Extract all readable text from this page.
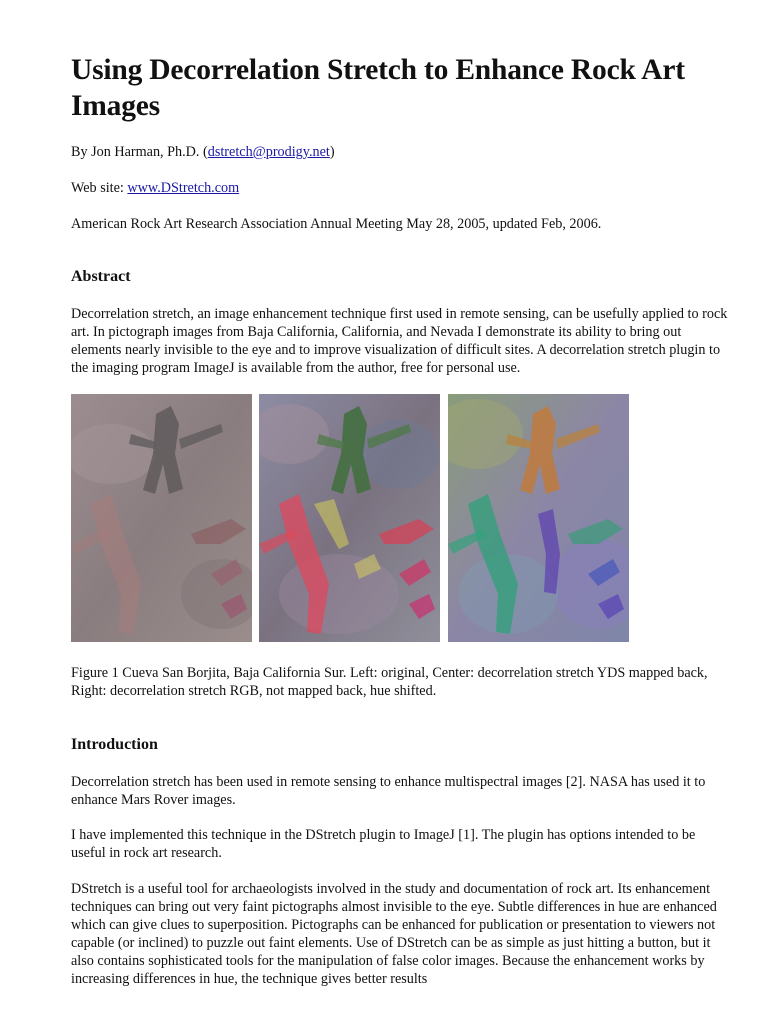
Using Decorrelation Stretch to Enhance Rock Art Images

By Jon Harman, Ph.D. (dstretch@prodigy.net)

Web site: www.DStretch.com

American Rock Art Research Association Annual Meeting May 28, 2005, updated Feb, 2006.

Abstract

Decorrelation stretch, an image enhancement technique first used in remote sensing, can be usefully applied to rock art. In pictograph images from Baja California, California, and Nevada I demonstrate its ability to bring out elements nearly invisible to the eye and to improve visualization of difficult sites. A decorrelation stretch plugin to the imaging program ImageJ is available from the author, free for personal use.

Figure 1 Cueva San Borjita, Baja California Sur. Left: original, Center: decorrelation stretch YDS mapped back, Right: decorrelation stretch RGB, not mapped back, hue shifted.

Introduction

Decorrelation stretch has been used in remote sensing to enhance multispectral images [2]. NASA has used it to enhance Mars Rover images.

I have implemented this technique in the DStretch plugin to ImageJ [1]. The plugin has options intended to be useful in rock art research.

DStretch is a useful tool for archaeologists involved in the study and documentation of rock art. Its enhancement techniques can bring out very faint pictographs almost invisible to the eye. Subtle differences in hue are enhanced which can give clues to superposition. Pictographs can be enhanced for publication or presentation to viewers not capable (or inclined) to puzzle out faint elements. Use of DStretch can be as simple as just hitting a button, but it also contains sophisticated tools for the manipulation of false color images. Because the enhancement works by increasing differences in hue, the technique gives better results
